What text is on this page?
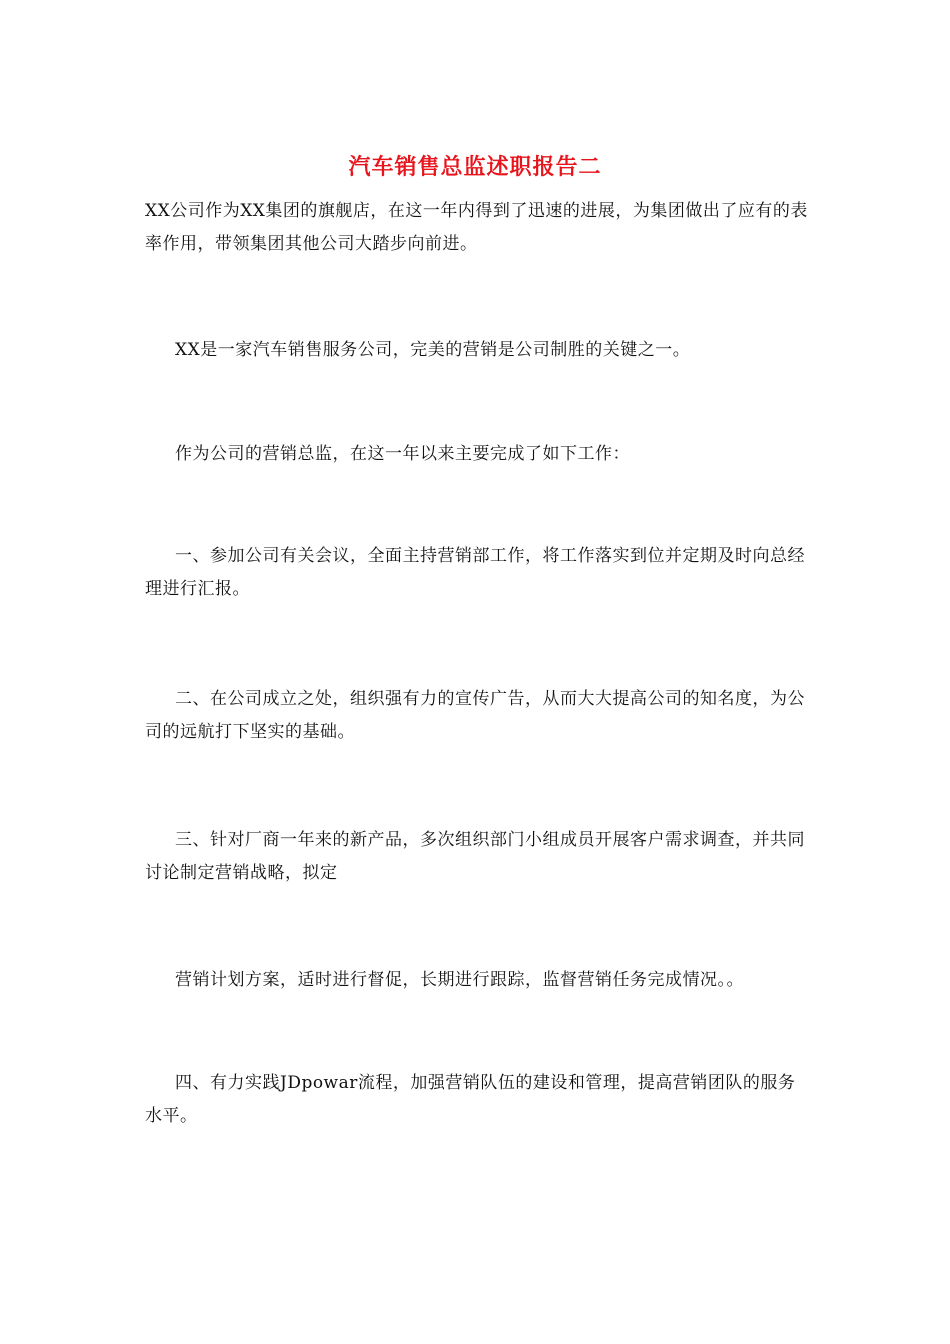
汽车销售总监述职报告二

XX公司作为XX集团的旗舰店，在这一年内得到了迅速的进展，为集团做出了应有的表率作用，带领集团其他公司大踏步向前进。

XX是一家汽车销售服务公司，完美的营销是公司制胜的关键之一。

作为公司的营销总监，在这一年以来主要完成了如下工作：

一、参加公司有关会议，全面主持营销部工作，将工作落实到位并定期及时向总经理进行汇报。

二、在公司成立之处，组织强有力的宣传广告，从而大大提高公司的知名度，为公司的远航打下坚实的基础。

三、针对厂商一年来的新产品，多次组织部门小组成员开展客户需求调查，并共同讨论制定营销战略，拟定

营销计划方案，适时进行督促，长期进行跟踪，监督营销任务完成情况。。

四、有力实践JDpowar流程，加强营销队伍的建设和管理，提高营销团队的服务水平。
